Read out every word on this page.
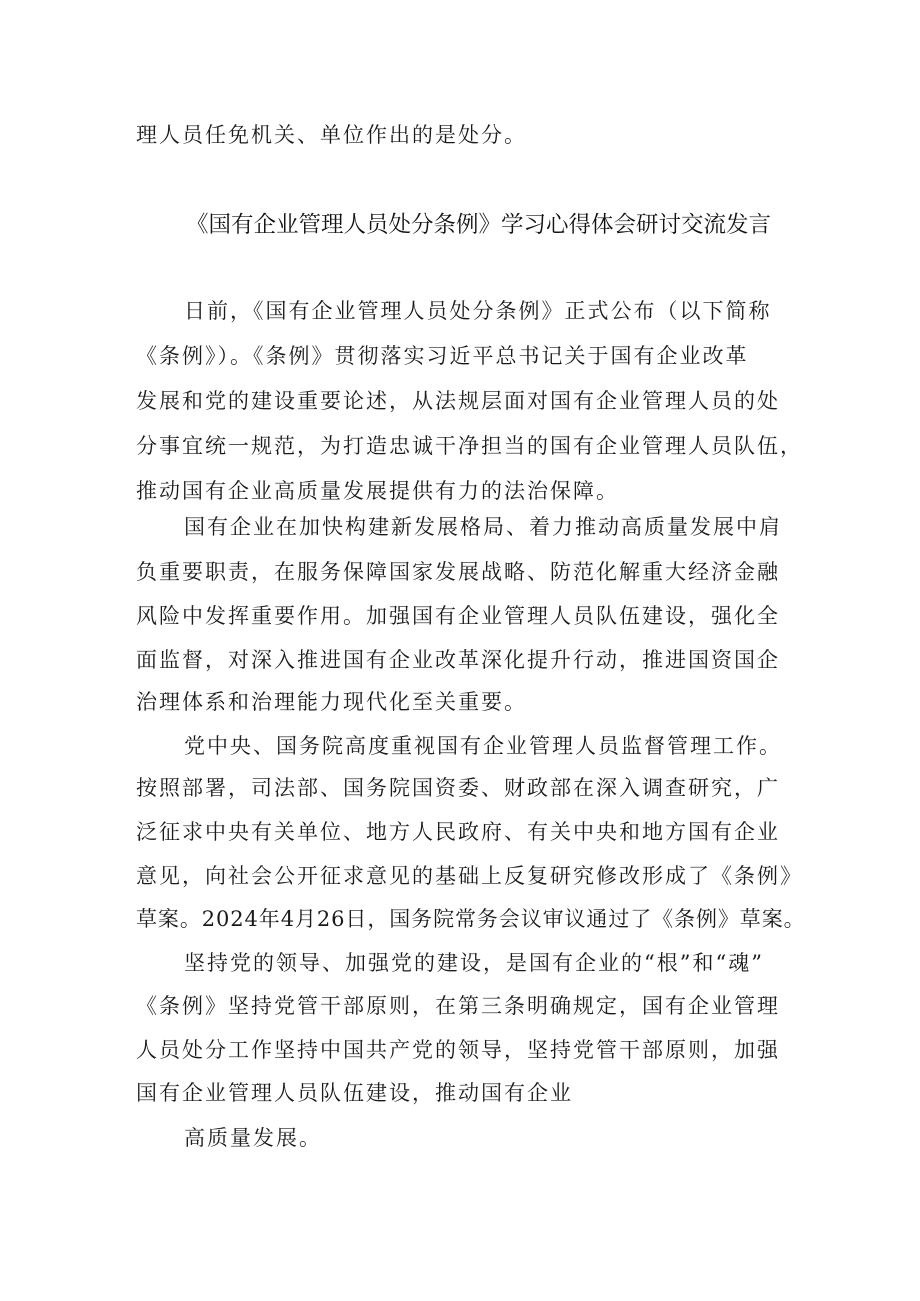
理人员任免机关、单位作出的是处分。
《国有企业管理人员处分条例》学习心得体会研讨交流发言
日前，《国有企业管理人员处分条例》正式公布（以下简称
《条例》）。《条例》贯彻落实习近平总书记关于国有企业改革
发展和党的建设重要论述，从法规层面对国有企业管理人员的处
分事宜统一规范，为打造忠诚干净担当的国有企业管理人员队伍，
推动国有企业高质量发展提供有力的法治保障。
国有企业在加快构建新发展格局、着力推动高质量发展中肩
负重要职责，在服务保障国家发展战略、防范化解重大经济金融
风险中发挥重要作用。加强国有企业管理人员队伍建设，强化全
面监督，对深入推进国有企业改革深化提升行动，推进国资国企
治理体系和治理能力现代化至关重要。
党中央、国务院高度重视国有企业管理人员监督管理工作。
按照部署，司法部、国务院国资委、财政部在深入调查研究，广
泛征求中央有关单位、地方人民政府、有关中央和地方国有企业
意见，向社会公开征求意见的基础上反复研究修改形成了《条例》
草案。2024年4月26日，国务院常务会议审议通过了《条例》草案。
坚持党的领导、加强党的建设，是国有企业的“根”和“魂”
《条例》坚持党管干部原则，在第三条明确规定，国有企业管理
人员处分工作坚持中国共产党的领导，坚持党管干部原则，加强
国有企业管理人员队伍建设，推动国有企业
高质量发展。
